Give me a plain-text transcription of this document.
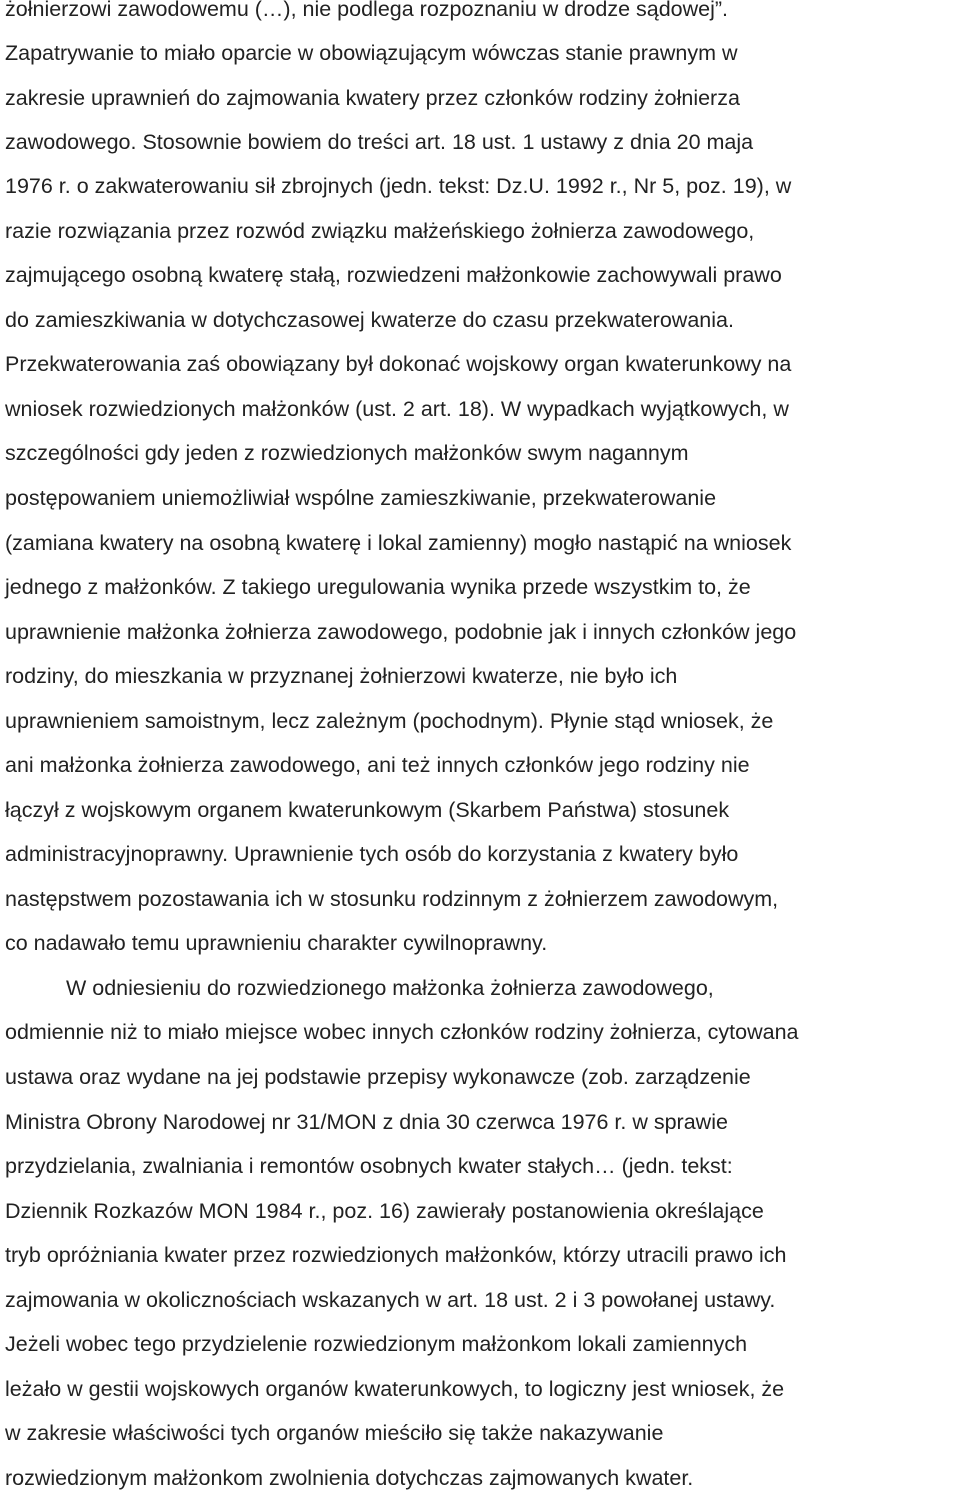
żołnierzowi zawodowemu (…), nie podlega rozpoznaniu w drodze sądowej”.
Zapatrywanie to miało oparcie w obowiązującym wówczas stanie prawnym w
zakresie uprawnień do zajmowania kwatery przez członków rodziny żołnierza
zawodowego. Stosownie bowiem do treści art. 18 ust. 1 ustawy z dnia 20 maja
1976 r. o zakwaterowaniu sił zbrojnych (jedn. tekst: Dz.U. 1992 r., Nr 5, poz. 19), w
razie rozwiązania przez rozwód związku małżeńskiego żołnierza zawodowego,
zajmującego osobną kwaterę stałą, rozwiedzeni małżonkowie zachowywali prawo
do zamieszkiwania w dotychczasowej kwaterze do czasu przekwaterowania.
Przekwaterowania zaś obowiązany był dokonać wojskowy organ kwaterunkowy na
wniosek rozwiedzionych małżonków (ust. 2 art. 18). W wypadkach wyjątkowych, w
szczególności gdy jeden z rozwiedzionych małżonków swym nagannym
postępowaniem uniemożliwiał wspólne zamieszkiwanie, przekwaterowanie
(zamiana kwatery na osobną kwaterę i lokal zamienny) mogło nastąpić na wniosek
jednego z małżonków. Z takiego uregulowania wynika przede wszystkim to, że
uprawnienie małżonka żołnierza zawodowego, podobnie jak i innych członków jego
rodziny, do mieszkania w przyznanej żołnierzowi kwaterze, nie było ich
uprawnieniem samoistnym, lecz zależnym (pochodnym). Płynie stąd wniosek, że
ani małżonka żołnierza zawodowego, ani też innych członków jego rodziny nie
łączył z wojskowym organem kwaterunkowym (Skarbem Państwa) stosunek
administracyjnoprawny. Uprawnienie tych osób do korzystania z kwatery było
następstwem pozostawania ich w stosunku rodzinnym z żołnierzem zawodowym,
co nadawało temu uprawnieniu charakter cywilnoprawny.
W odniesieniu do rozwiedzionego małżonka żołnierza zawodowego,
odmiennie niż to miało miejsce wobec innych członków rodziny żołnierza, cytowana
ustawa oraz wydane na jej podstawie przepisy wykonawcze (zob. zarządzenie
Ministra Obrony Narodowej nr 31/MON z dnia 30 czerwca 1976 r. w sprawie
przydzielania, zwalniania i remontów osobnych kwater stałych… (jedn. tekst:
Dziennik Rozkazów MON 1984 r., poz. 16) zawierały postanowienia określające
tryb opróżniania kwater przez rozwiedzionych małżonków, którzy utracili prawo ich
zajmowania w okolicznościach wskazanych w art. 18 ust. 2 i 3 powołanej ustawy.
Jeżeli wobec tego przydzielenie rozwiedzionym małżonkom lokali zamiennych
leżało w gestii wojskowych organów kwaterunkowych, to logiczny jest wniosek, że
w zakresie właściwości tych organów mieściło się także nakazywanie
rozwiedzionym małżonkom zwolnienia dotychczas zajmowanych kwater.
